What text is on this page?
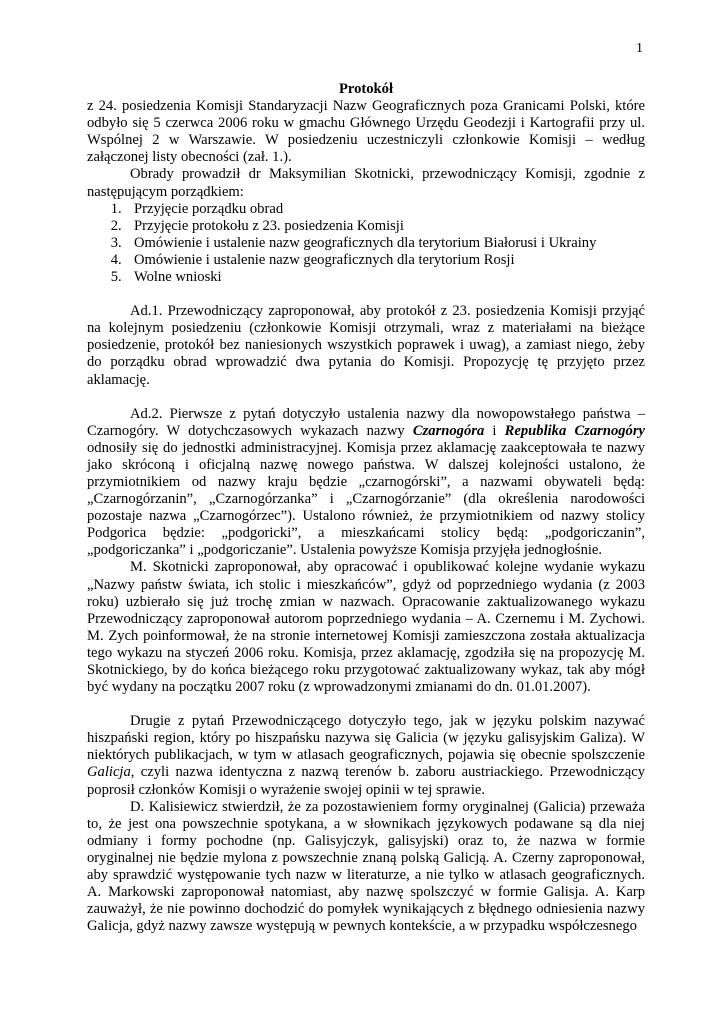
1

Protokół

z 24. posiedzenia Komisji Standaryzacji Nazw Geograficznych poza Granicami Polski, które odbyło się 5 czerwca 2006 roku w gmachu Głównego Urzędu Geodezji i Kartografii przy ul. Wspólnej 2 w Warszawie. W posiedzeniu uczestniczyli członkowie Komisji – według załączonej listy obecności (zał. 1.).

Obrady prowadził dr Maksymilian Skotnicki, przewodniczący Komisji, zgodnie z następującym porządkiem:

1. Przyjęcie porządku obrad
2. Przyjęcie protokołu z 23. posiedzenia Komisji
3. Omówienie i ustalenie nazw geograficznych dla terytorium Białorusi i Ukrainy
4. Omówienie i ustalenie nazw geograficznych dla terytorium Rosji
5. Wolne wnioski

Ad.1. Przewodniczący zaproponował, aby protokół z 23. posiedzenia Komisji przyjąć na kolejnym posiedzeniu (członkowie Komisji otrzymali, wraz z materiałami na bieżące posiedzenie, protokół bez naniesionych wszystkich poprawek i uwag), a zamiast niego, żeby do porządku obrad wprowadzić dwa pytania do Komisji. Propozycję tę przyjęto przez aklamację.

Ad.2. Pierwsze z pytań dotyczyło ustalenia nazwy dla nowopowstałego państwa – Czarnogóry. W dotychczasowych wykazach nazwy Czarnogóra i Republika Czarnogóry odnosiły się do jednostki administracyjnej. Komisja przez aklamację zaakceptowała te nazwy jako skróconą i oficjalną nazwę nowego państwa. W dalszej kolejności ustalono, że przymiotnikiem od nazwy kraju będzie „czarnogórski”, a nazwami obywateli będą: „Czarnogórzanin”, „Czarnogórzanka” i „Czarnogórzanie” (dla określenia narodowości pozostaje nazwa „Czarnogórzec”). Ustalono również, że przymiotnikiem od nazwy stolicy Podgorica będzie: „podgoricki”, a mieszkańcami stolicy będą: „podgoriczanin”, „podgoriczanka” i „podgoriczanie”. Ustalenia powyższe Komisja przyjęła jednogłośnie.

M. Skotnicki zaproponował, aby opracować i opublikować kolejne wydanie wykazu „Nazwy państw świata, ich stolic i mieszkańców”, gdyż od poprzedniego wydania (z 2003 roku) uzbierało się już trochę zmian w nazwach. Opracowanie zaktualizowanego wykazu Przewodniczący zaproponował autorom poprzedniego wydania – A. Czernemu i M. Zychowi. M. Zych poinformował, że na stronie internetowej Komisji zamieszczona została aktualizacja tego wykazu na styczeń 2006 roku. Komisja, przez aklamację, zgodziła się na propozycję M. Skotnickiego, by do końca bieżącego roku przygotować zaktualizowany wykaz, tak aby mógł być wydany na początku 2007 roku (z wprowadzonymi zmianami do dn. 01.01.2007).

Drugie z pytań Przewodniczącego dotyczyło tego, jak w języku polskim nazywać hiszpański region, który po hiszpańsku nazywa się Galicia (w języku galisyjskim Galiza). W niektórych publikacjach, w tym w atlasach geograficznych, pojawia się obecnie spolszczenie Galicja, czyli nazwa identyczna z nazwą terenów b. zaboru austriackiego. Przewodniczący poprosił członków Komisji o wyrażenie swojej opinii w tej sprawie.

D. Kalisiewicz stwierdził, że za pozostawieniem formy oryginalnej (Galicia) przeważa to, że jest ona powszechnie spotykana, a w słownikach językowych podawane są dla niej odmiany i formy pochodne (np. Galisyjczyk, galisyjski) oraz to, że nazwa w formie oryginalnej nie będzie mylona z powszechnie znaną polską Galicją. A. Czerny zaproponował, aby sprawdzić występowanie tych nazw w literaturze, a nie tylko w atlasach geograficznych. A. Markowski zaproponował natomiast, aby nazwę spolszczyć w formie Galisja. A. Karp zauważył, że nie powinno dochodzić do pomyłek wynikających z błędnego odniesienia nazwy Galicja, gdyż nazwy zawsze występują w pewnych kontekście, a w przypadku współczesnego
